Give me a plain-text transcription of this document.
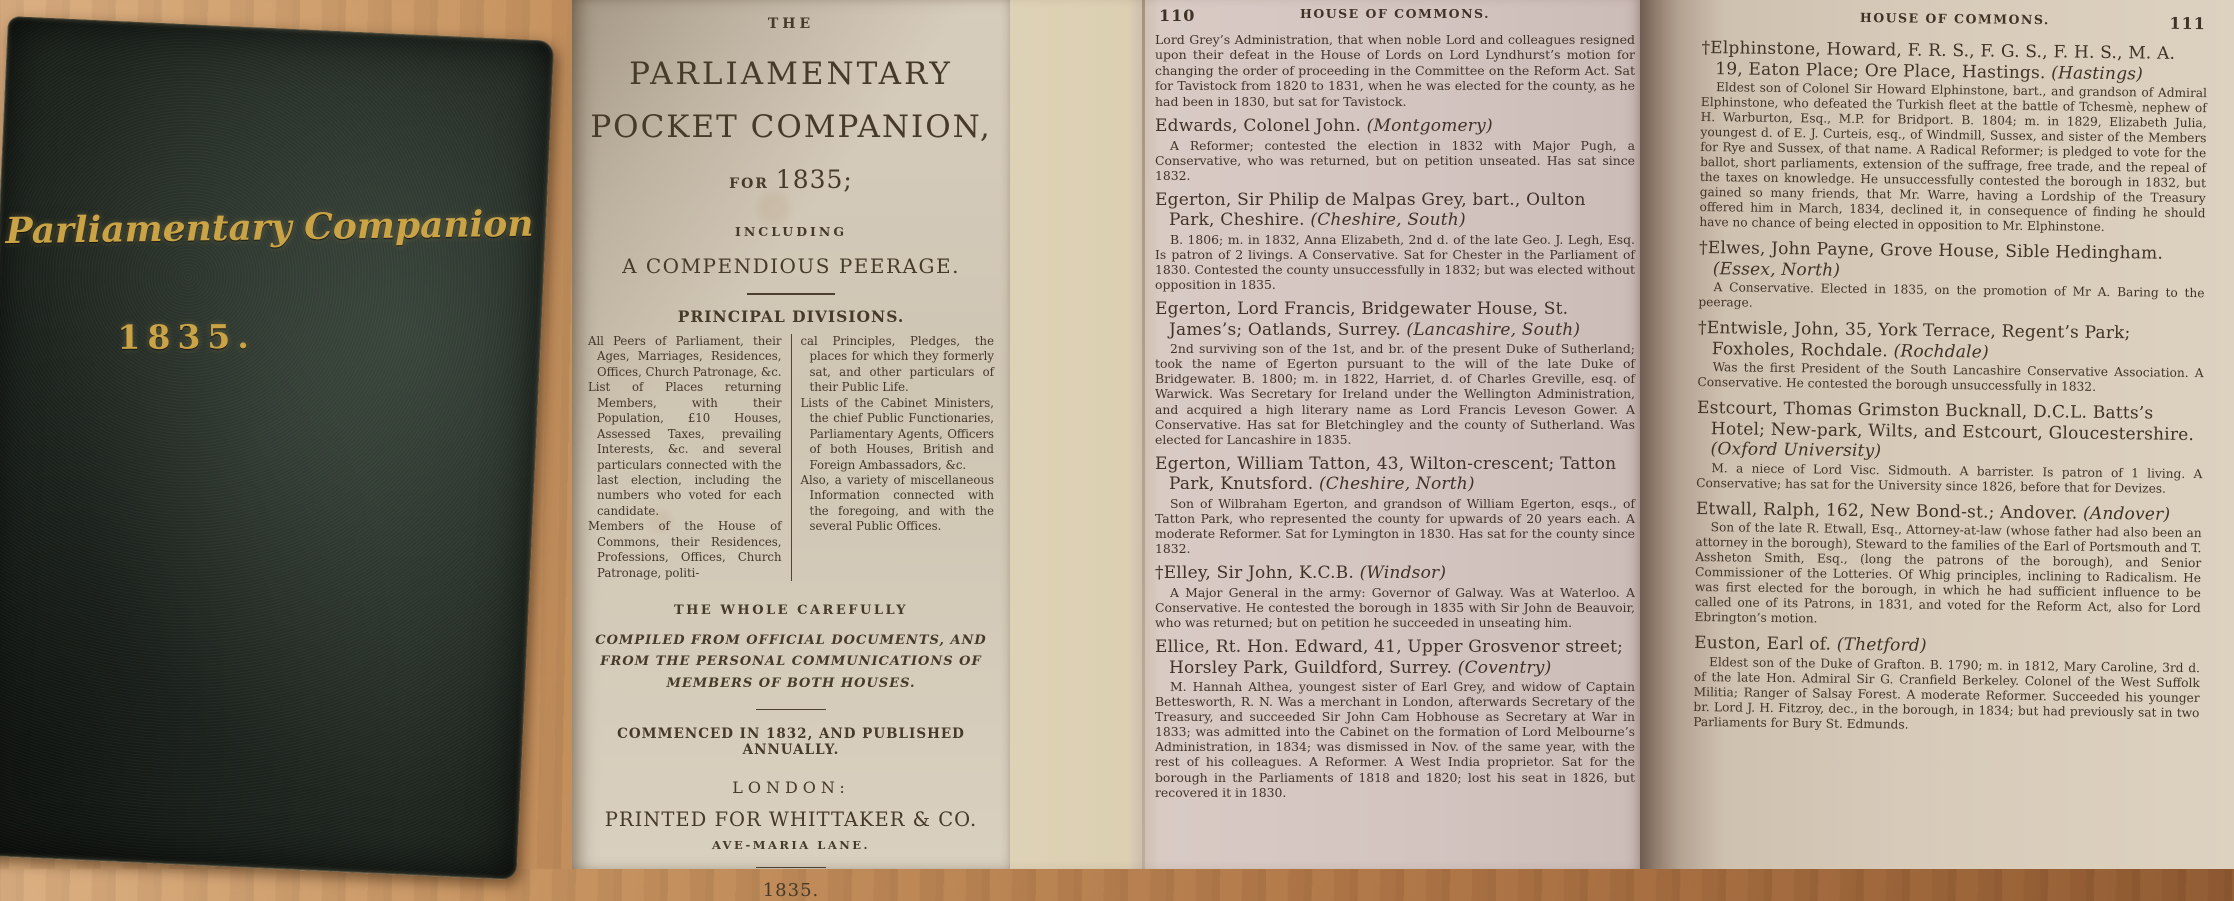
Parliamentary Companion
1835.
THE
PARLIAMENTARY
POCKET COMPANION,
FOR 1835;
INCLUDING
A COMPENDIOUS PEERAGE.
PRINCIPAL DIVISIONS.

All Peers of Parliament, their Ages, Marriages, Residences, Offices, Church Patronage, &c.

List of Places returning Members, with their Population, £10 Houses, Assessed Taxes, prevailing Interests, &c. and several particulars connected with the last election, including the numbers who voted for each candidate.

Members of the House of Commons, their Residences, Professions, Offices, Church Patronage, politi-

cal Principles, Pledges, the places for which they formerly sat, and other particulars of their Public Life.

Lists of the Cabinet Ministers, the chief Public Functionaries, Parliamentary Agents, Officers of both Houses, British and Foreign Ambassadors, &c.

Also, a variety of miscellaneous Information connected with the foregoing, and with the several Public Offices.

THE WHOLE CAREFULLY
COMPILED FROM OFFICIAL DOCUMENTS, AND FROM THE PERSONAL COMMUNICATIONS OF MEMBERS OF BOTH HOUSES.
COMMENCED IN 1832, AND PUBLISHED ANNUALLY.
LONDON:
PRINTED FOR WHITTAKER & CO.
AVE-MARIA LANE.
1835.
110	HOUSE OF COMMONS.
Lord Grey’s Administration, that when noble Lord and colleagues resigned upon their defeat in the House of Lords on Lord Lyndhurst’s motion for changing the order of proceeding in the Committee on the Reform Act. Sat for Tavistock from 1820 to 1831, when he was elected for the county, as he had been in 1830, but sat for Tavistock.
Edwards, Colonel John. (Montgomery)
A Reformer; contested the election in 1832 with Major Pugh, a Conservative, who was returned, but on petition unseated. Has sat since 1832.
Egerton, Sir Philip de Malpas Grey, bart., Oulton Park, Cheshire. (Cheshire, South)
B. 1806; m. in 1832, Anna Elizabeth, 2nd d. of the late Geo. J. Legh, Esq. Is patron of 2 livings. A Conservative. Sat for Chester in the Parliament of 1830. Contested the county unsuccessfully in 1832; but was elected without opposition in 1835.
Egerton, Lord Francis, Bridgewater House, St. James’s; Oatlands, Surrey. (Lancashire, South)
2nd surviving son of the 1st, and br. of the present Duke of Sutherland; took the name of Egerton pursuant to the will of the late Duke of Bridgewater. B. 1800; m. in 1822, Harriet, d. of Charles Greville, esq. of Warwick. Was Secretary for Ireland under the Wellington Administration, and acquired a high literary name as Lord Francis Leveson Gower. A Conservative. Has sat for Bletchingley and the county of Sutherland. Was elected for Lancashire in 1835.
Egerton, William Tatton, 43, Wilton-crescent; Tatton Park, Knutsford. (Cheshire, North)
Son of Wilbraham Egerton, and grandson of William Egerton, esqs., of Tatton Park, who represented the county for upwards of 20 years each. A moderate Reformer. Sat for Lymington in 1830. Has sat for the county since 1832.
†Elley, Sir John, K.C.B. (Windsor)
A Major General in the army: Governor of Galway. Was at Waterloo. A Conservative. He contested the borough in 1835 with Sir John de Beauvoir, who was returned; but on petition he succeeded in unseating him.
Ellice, Rt. Hon. Edward, 41, Upper Grosvenor street; Horsley Park, Guildford, Surrey. (Coventry)
M. Hannah Althea, youngest sister of Earl Grey, and widow of Captain Bettesworth, R. N. Was a merchant in London, afterwards Secretary of the Treasury, and succeeded Sir John Cam Hobhouse as Secretary at War in 1833; was admitted into the Cabinet on the formation of Lord Melbourne’s Administration, in 1834; was dismissed in Nov. of the same year, with the rest of his colleagues. A Reformer. A West India proprietor. Sat for the borough in the Parliaments of 1818 and 1820; lost his seat in 1826, but recovered it in 1830.
HOUSE OF COMMONS.	111
†Elphinstone, Howard, F. R. S., F. G. S., F. H. S., M. A. 19, Eaton Place; Ore Place, Hastings. (Hastings)
Eldest son of Colonel Sir Howard Elphinstone, bart., and grandson of Admiral Elphinstone, who defeated the Turkish fleet at the battle of Tchesmè, nephew of H. Warburton, Esq., M.P. for Bridport. B. 1804; m. in 1829, Elizabeth Julia, youngest d. of E. J. Curteis, esq., of Windmill, Sussex, and sister of the Members for Rye and Sussex, of that name. A Radical Reformer; is pledged to vote for the ballot, short parliaments, extension of the suffrage, free trade, and the repeal of the taxes on knowledge. He unsuccessfully contested the borough in 1832, but gained so many friends, that Mr. Warre, having a Lordship of the Treasury offered him in March, 1834, declined it, in consequence of finding he should have no chance of being elected in opposition to Mr. Elphinstone.
†Elwes, John Payne, Grove House, Sible Hedingham. (Essex, North)
A Conservative. Elected in 1835, on the promotion of Mr A. Baring to the peerage.
†Entwisle, John, 35, York Terrace, Regent’s Park; Foxholes, Rochdale. (Rochdale)
Was the first President of the South Lancashire Conservative Association. A Conservative. He contested the borough unsuccessfully in 1832.
Estcourt, Thomas Grimston Bucknall, D.C.L. Batts’s Hotel; New-park, Wilts, and Estcourt, Gloucestershire. (Oxford University)
M. a niece of Lord Visc. Sidmouth. A barrister. Is patron of 1 living. A Conservative; has sat for the University since 1826, before that for Devizes.
Etwall, Ralph, 162, New Bond-st.; Andover. (Andover)
Son of the late R. Etwall, Esq., Attorney-at-law (whose father had also been an attorney in the borough), Steward to the families of the Earl of Portsmouth and T. Assheton Smith, Esq., (long the patrons of the borough), and Senior Commissioner of the Lotteries. Of Whig principles, inclining to Radicalism. He was first elected for the borough, in which he had sufficient influence to be called one of its Patrons, in 1831, and voted for the Reform Act, also for Lord Ebrington’s motion.
Euston, Earl of. (Thetford)
Eldest son of the Duke of Grafton. B. 1790; m. in 1812, Mary Caroline, 3rd d. of the late Hon. Admiral Sir G. Cranfield Berkeley. Colonel of the West Suffolk Militia; Ranger of Salsay Forest. A moderate Reformer. Succeeded his younger br. Lord J. H. Fitzroy, dec., in the borough, in 1834; but had previously sat in two Parliaments for Bury St. Edmunds.
